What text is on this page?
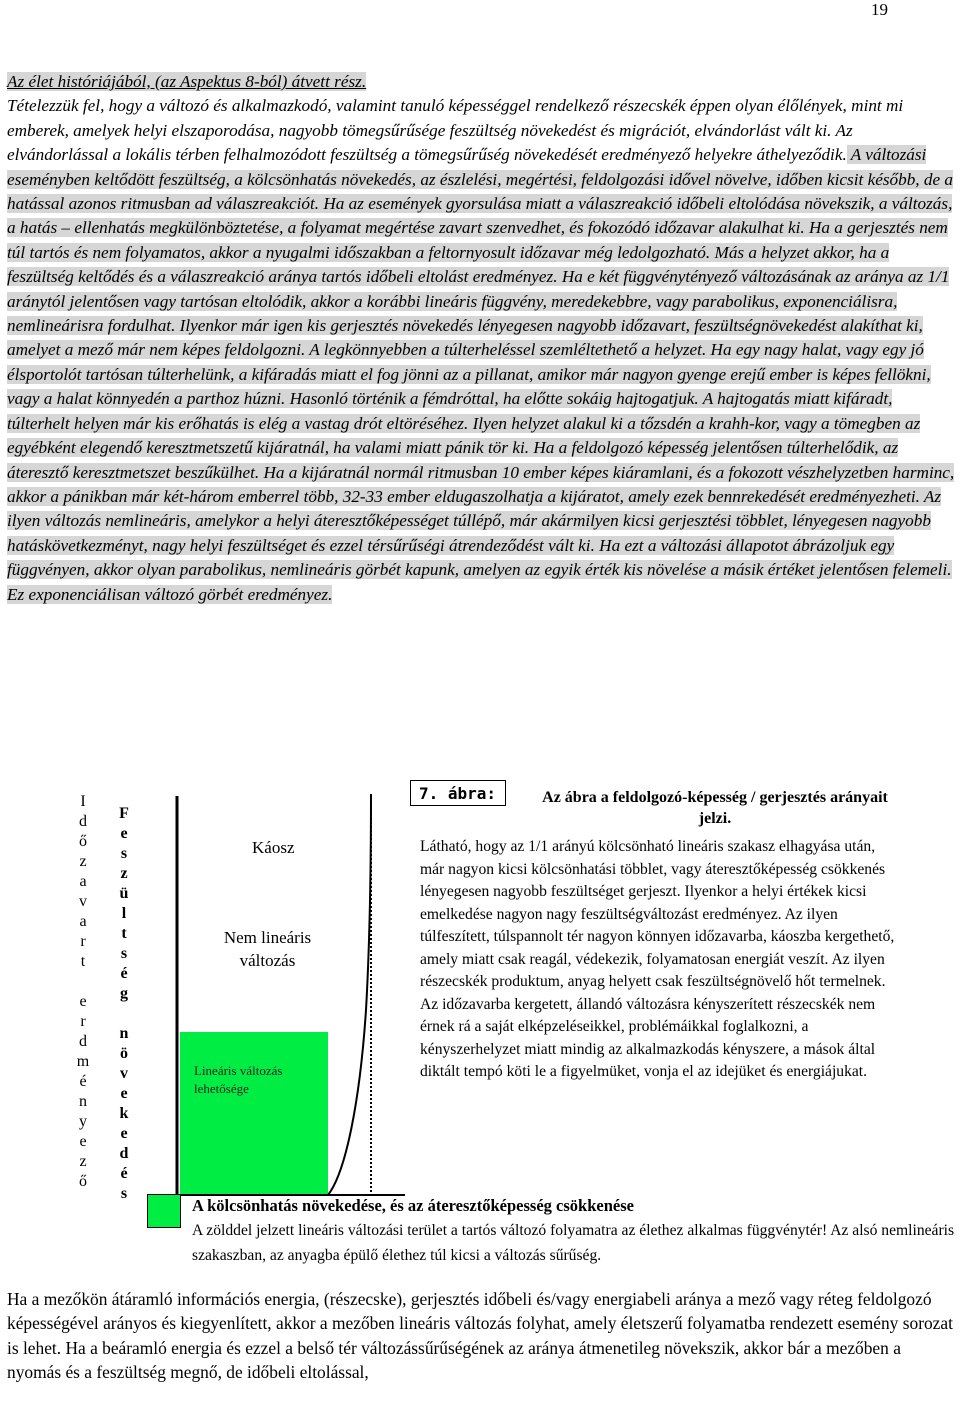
19

Az élet históriájából, (az Aspektus 8-ból) átvett rész.
Tételezzük fel, hogy a változó és alkalmazkodó, valamint tanuló képességgel rendelkező részecskék éppen olyan élőlények, mint mi emberek, amelyek helyi elszaporodása, nagyobb tömegsűrűsége feszültség növekedést és migrációt, elvándorlást vált ki. Az elvándorlással a lokális térben felhalmozódott feszültség a tömegsűrűség növekedését eredményező helyekre áthelyeződik. A változási eseményben keltődött feszültség, a kölcsönhatás növekedés, az észlelési, megértési, feldolgozási idővel növelve, időben kicsit később, de a hatással azonos ritmusban ad válaszreakciót. Ha az események gyorsulása miatt a válaszreakció időbeli eltolódása növekszik, a változás, a hatás – ellenhatás megkülönböztetése, a folyamat megértése zavart szenvedhet, és fokozódó időzavar alakulhat ki. Ha a gerjesztés nem túl tartós és nem folyamatos, akkor a nyugalmi időszakban a feltornyosult időzavar még ledolgozható. Más a helyzet akkor, ha a feszültség keltődés és a válaszreakció aránya tartós időbeli eltolást eredményez. Ha e két függvénytényező változásának az aránya az 1/1 aránytól jelentősen vagy tartósan eltolódik, akkor a korábbi lineáris függvény, meredekebbre, vagy parabolikus, exponenciálisra, nemlineárisra fordulhat. Ilyenkor már igen kis gerjesztés növekedés lényegesen nagyobb időzavart, feszültségnövekedést alakíthat ki, amelyet a mező már nem képes feldolgozni. A legkönnyebben a túlterheléssel szemléltethető a helyzet. Ha egy nagy halat, vagy egy jó élsportolót tartósan túlterhelünk, a kifáradás miatt el fog jönni az a pillanat, amikor már nagyon gyenge erejű ember is képes fellökni, vagy a halat könnyedén a parthoz húzni. Hasonló történik a fémdróttal, ha előtte sokáig hajtogatjuk. A hajtogatás miatt kifáradt, túlterhelt helyen már kis erőhatás is elég a vastag drót eltöréséhez. Ilyen helyzet alakul ki a tőzsdén a krahh-kor, vagy a tömegben az egyébként elegendő keresztmetszetű kijáratnál, ha valami miatt pánik tör ki. Ha a feldolgozó képesség jelentősen túlterhelődik, az áteresztő keresztmetszet beszűkülhet. Ha a kijáratnál normál ritmusban 10 ember képes kiáramlani, és a fokozott vészhelyzetben harminc, akkor a pánikban már két-három emberrel több, 32-33 ember eldugaszolhatja a kijáratot, amely ezek bennrekedését eredményezheti. Az ilyen változás nemlineáris, amelykor a helyi áteresztőképességet túllépő, már akármilyen kicsi gerjesztési többlet, lényegesen nagyobb hatáskövetkezményt, nagy helyi feszültséget és ezzel térsűrűségi átrendeződést vált ki. Ha ezt a változási állapotot ábrázoljuk egy függvényen, akkor olyan parabolikus, nemlineáris görbét kapunk, amelyen az egyik érték kis növelése a másik értéket jelentősen felemeli. Ez exponenciálisan változó görbét eredményez.

I
d
ő
z
a
v
a
r
t

e
r
d
m
é
n
y
e
z
ő
F
e
s
z
ü
l
t
s
é
g

n
ö
v
e
k
e
d
é
s
Káosz
Nem lineáris
változás
Lineáris változás
lehetősége
7. ábra:	Az ábra a feldolgozó-képesség / gerjesztés arányait jelzi.
Látható, hogy az 1/1 arányú kölcsönható lineáris szakasz elhagyása után, már nagyon kicsi kölcsönhatási többlet, vagy áteresztőképesség csökkenés lényegesen nagyobb feszültséget gerjeszt. Ilyenkor a helyi értékek kicsi emelkedése nagyon nagy feszültségváltozást eredményez. Az ilyen túlfeszített, túlspannolt tér nagyon könnyen időzavarba, káoszba kergethető, amely miatt csak reagál, védekezik, folyamatosan energiát veszít. Az ilyen részecskék produktum, anyag helyett csak feszültségnövelő hőt termelnek. Az időzavarba kergetett, állandó változásra kényszerített részecskék nem érnek rá a saját elképzeléseikkel, problémáikkal foglalkozni, a kényszerhelyzet miatt mindig az alkalmazkodás kényszere, a mások által diktált tempó köti le a figyelmüket, vonja el az idejüket és energiájukat.
A kölcsönhatás növekedése, és az áteresztőképesség csökkenése
A zölddel jelzett lineáris változási terület a tartós változó folyamatra az élethez alkalmas függvénytér! Az alsó nemlineáris szakaszban, az anyagba épülő élethez túl kicsi a változás sűrűség.

Ha a mezőkön átáramló információs energia, (részecske), gerjesztés időbeli és/vagy energiabeli aránya a mező vagy réteg feldolgozó képességével arányos és kiegyenlített, akkor a mezőben lineáris változás folyhat, amely életszerű folyamatba rendezett esemény sorozat is lehet. Ha a beáramló energia és ezzel a belső tér változássűrűségének az aránya átmenetileg növekszik, akkor bár a mezőben a nyomás és a feszültség megnő, de időbeli eltolással,
